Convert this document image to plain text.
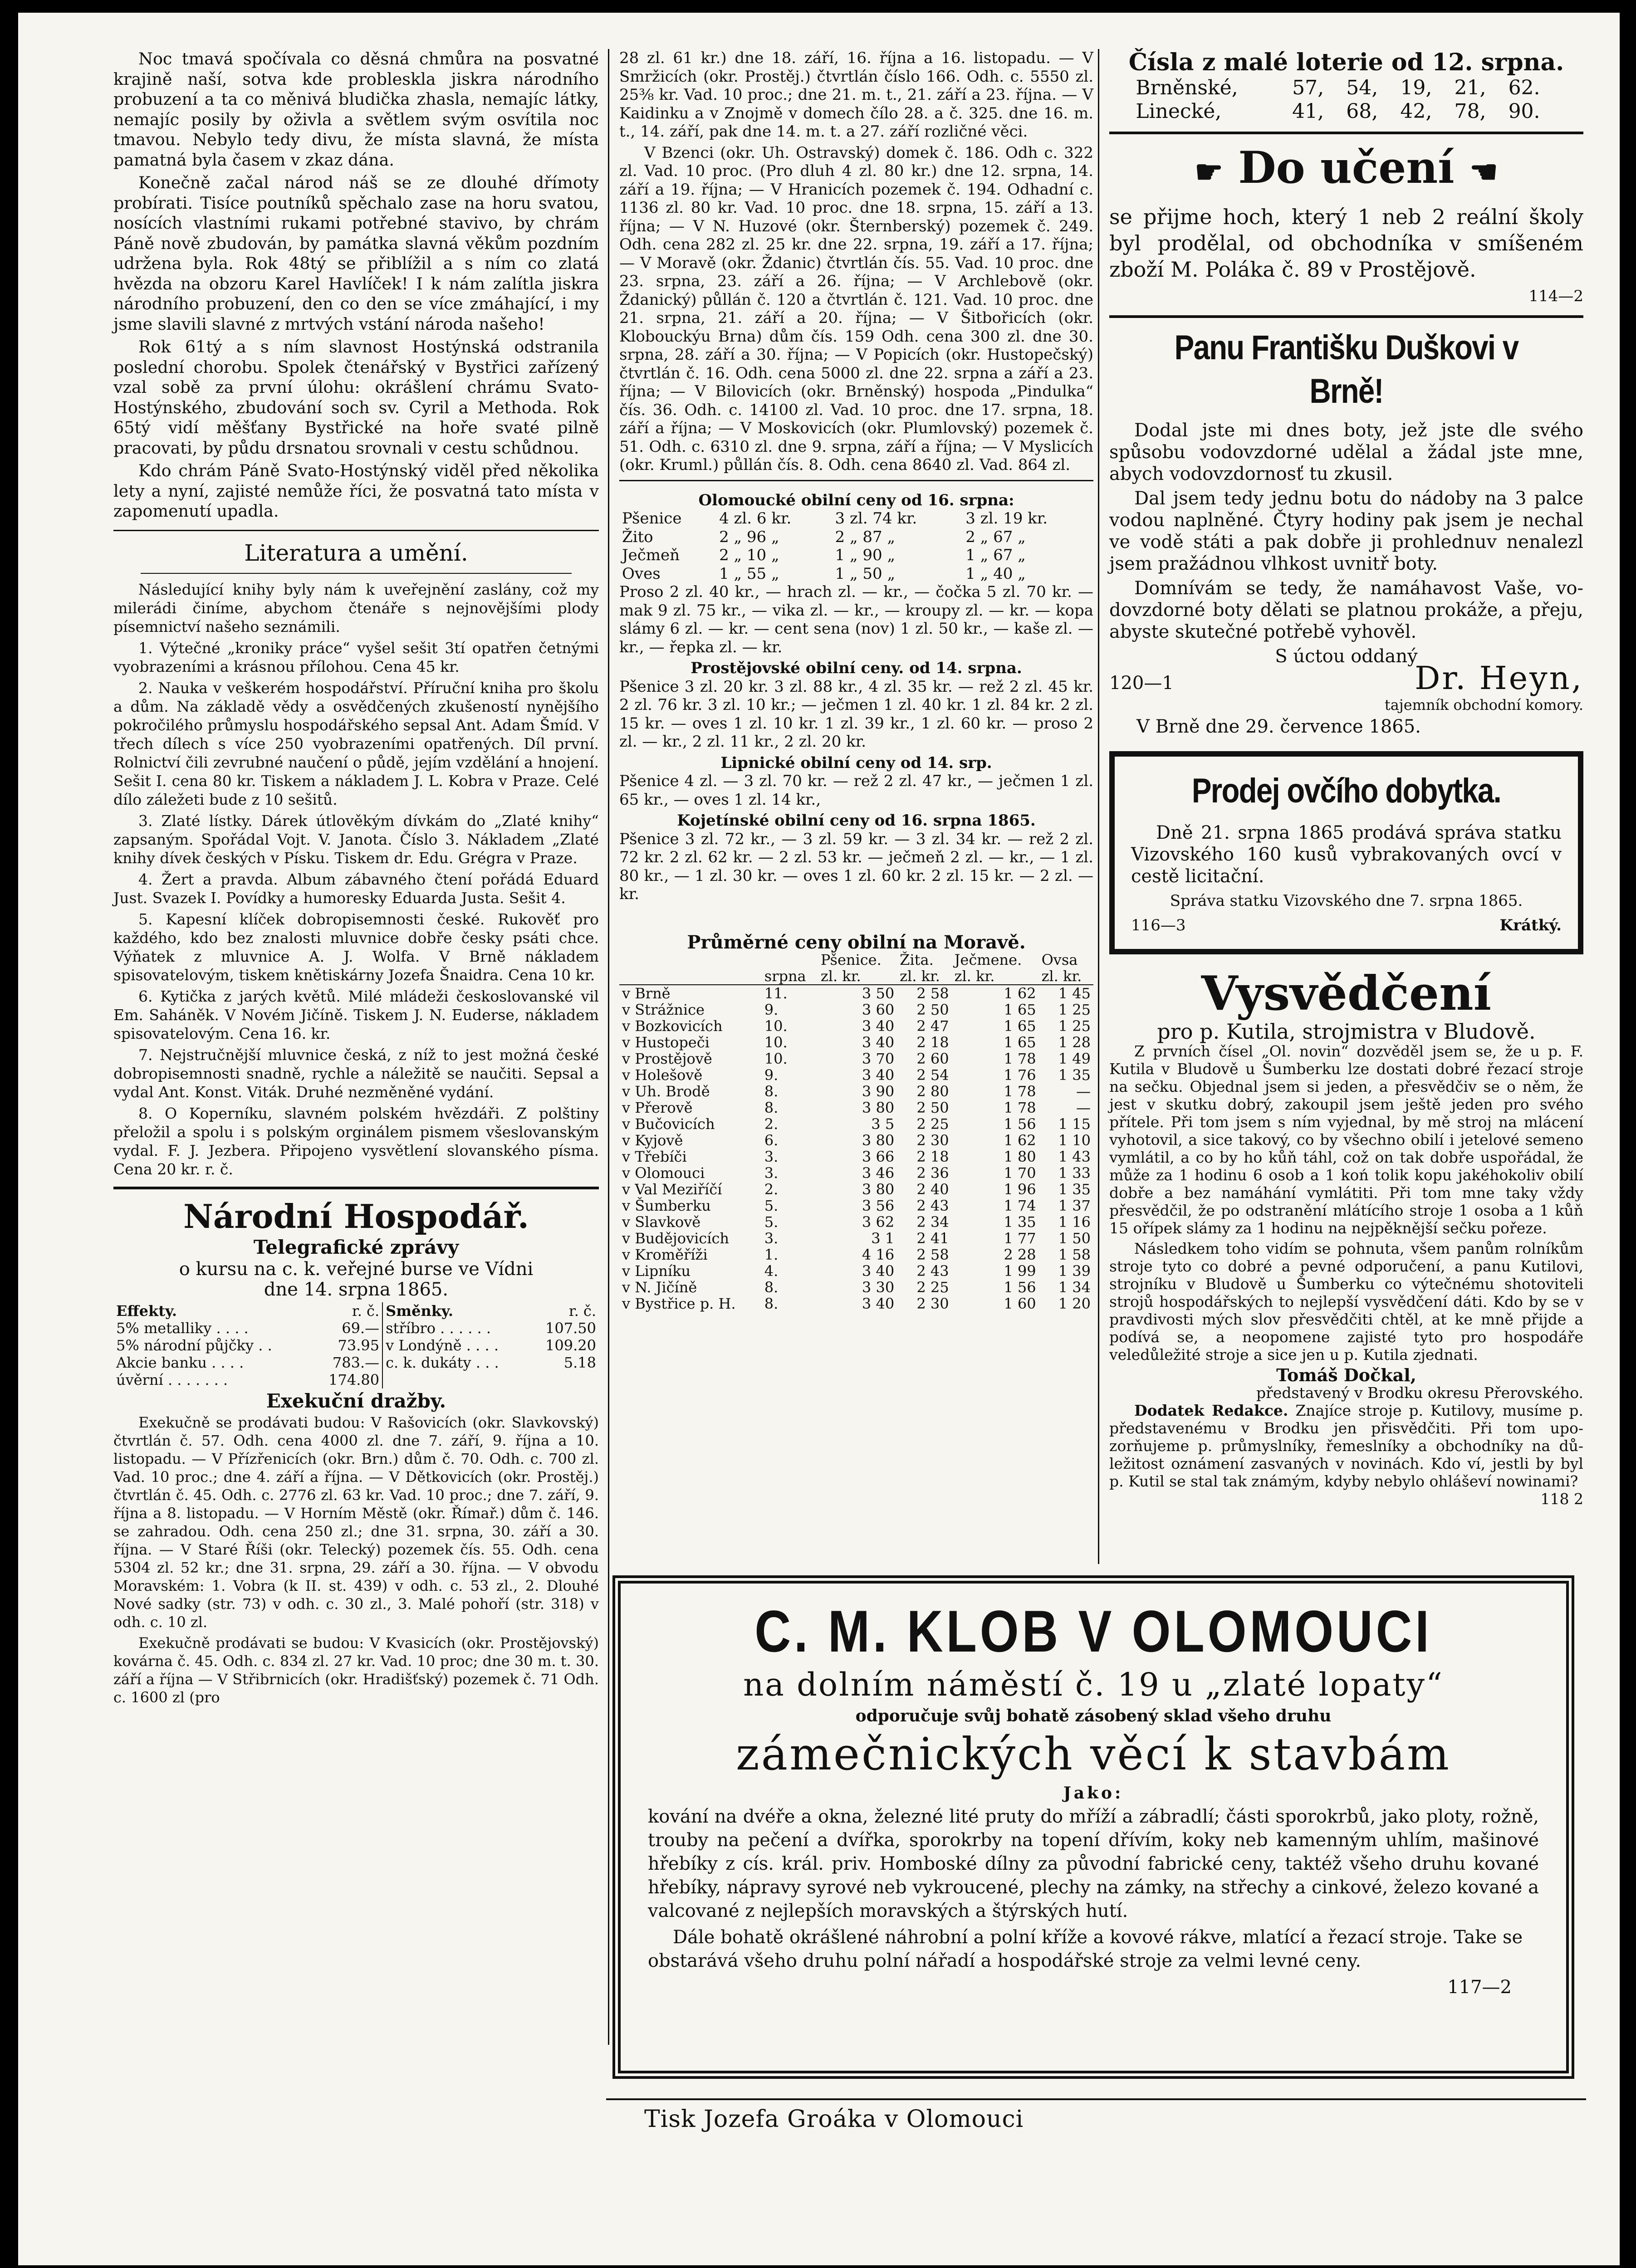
Noc tmavá spočívala co děsná chmůra na posvatné krajině naší, sotva kde probleskla jiskra národního probuzení a ta co měnivá bludička zhasla, nemajíc látky, nemajíc posily by oživla a světlem svým osvítila noc tmavou. Nebylo tedy divu, že místa slavná, že místa pamatná byla časem v zkaz dána.

Konečně začal národ náš se ze dlouhé dřímoty probírati. Tisíce poutníků spěchalo zase na horu svatou, nosících vlastními rukami potřebné stavivo, by chrám Páně nově zbudován, by památka slavná věkům pozdním udržena byla. Rok 48tý se přiblížil a s ním co zlatá hvězda na obzoru Karel Havlíček! I k nám zalítla jiskra národního probuzení, den co den se více zmáhající, i my jsme slavili slavné z mrtvých vstání národa našeho!

Rok 61tý a s ním slavnost Hostýnská odstranila poslední chorobu. Spolek čtenářský v Bystřici zařízený vzal sobě za první úlohu: okrášlení chrámu Svato-Hostýnského, zbudování soch sv. Cyril a Methoda. Rok 65tý vidí měšťany Bystřické na hoře svaté pilně pracovati, by půdu drsnatou srovnali v cestu schůdnou.

Kdo chrám Páně Svato-Hostýnský viděl před několika lety a nyní, zajisté nemůže říci, že posvatná tato místa v zapomenutí upadla.

Literatura a umění.

Následující knihy byly nám k uveřejnění zaslány, což my milerádi činíme, abychom čtenáře s nejnovějšími plody písemnictví našeho seznámili.

1. Výtečné „kroniky práce“ vyšel sešit 3tí opatřen četnými vyobrazeními a krásnou přílohou. Cena 45 kr.

2. Nauka v veškerém hospodářství. Příruční kniha pro školu a dům. Na základě vědy a osvědčených zkušeností nynějšího pokročilého průmyslu hospodářského sepsal Ant. Adam Šmíd. V třech dílech s více 250 vyobrazeními opatřených. Díl první. Rolnictví čili zevrubné naučení o půdě, jejím vzdělání a hnojení. Sešit I. cena 80 kr. Tiskem a nákladem J. L. Kobra v Praze. Celé dílo záležeti bude z 10 sešitů.

3. Zlaté lístky. Dárek útlověkým dívkám do „Zlaté knihy“ zapsaným. Spořádal Vojt. V. Janota. Číslo 3. Nákladem „Zlaté knihy dívek českých v Písku. Tiskem dr. Edu. Grégra v Praze.

4. Žert a pravda. Album zábavného čtení pořádá Eduard Just. Svazek I. Povídky a humoresky Eduarda Justa. Sešit 4.

5. Kapesní klíček dobropisemnosti české. Rukověť pro každého, kdo bez znalosti mluvnice dobře česky psáti chce. Výňatek z mluvnice A. J. Wolfa. V Brně nákladem spisovatelovým, tiskem knětiskárny Jozefa Šnaidra. Cena 10 kr.

6. Kytička z jarých květů. Milé mládeži českoslovanské vil Em. Saháněk. V Novém Jičíně. Tiskem J. N. Euderse, nákladem spisovatelovým. Cena 16. kr.

7. Nejstručnější mluvnice česká, z níž to jest možná české dobropisemnosti snadně, rychle a náležitě se naučiti. Sepsal a vydal Ant. Konst. Viták. Druhé nezměněné vydání.

8. O Koperníku, slavném polském hvězdáři. Z polštiny přeložil a spolu i s polským orginálem pismem všeslovanským vydal. F. J. Jezbera. Připojeno vysvětlení slovanského písma. Cena 20 kr. r. č.

Národní Hospodář.
Telegrafické zprávy
o kursu na c. k. veřejné burse ve Vídni
dne 14. srpna 1865.
Effekty.	r. č.	Směnky.	r. č.
5% metalliky . . . .	69.—	stříbro . . . . . .	107.50
5% národní půjčky . .	73.95	v Londýně . . . .	109.20
Akcie banku . . . .	783.—	c. k. dukáty . . .	5.18
úvěrní . . . . . . .	174.80		
Exekuční dražby.

Exekučně se prodávati budou: V Rašovicích (okr. Slavkovský) čtvrtlán č. 57. Odh. cena 4000 zl. dne 7. září, 9. října a 10. listopadu. — V Přízřenicích (okr. Brn.) dům č. 70. Odh. c. 700 zl. Vad. 10 proc.; dne 4. září a října. — V Dětkovicích (okr. Prostěj.) čtvrtlán č. 45. Odh. c. 2776 zl. 63 kr. Vad. 10 proc.; dne 7. září, 9. října a 8. listopadu. — V Horním Městě (okr. Římař.) dům č. 146. se zahradou. Odh. cena 250 zl.; dne 31. srpna, 30. září a 30. října. — V Staré Říši (okr. Telecký) pozemek čís. 55. Odh. cena 5304 zl. 52 kr.; dne 31. srpna, 29. září a 30. října. — V obvodu Moravském: 1. Vobra (k II. st. 439) v odh. c. 53 zl., 2. Dlouhé Nové sadky (str. 73) v odh. c. 30 zl., 3. Malé pohoří (str. 318) v odh. c. 10 zl.

Exekučně prodávati se budou: V Kvasicích (okr. Prostějovský) kovárna č. 45. Odh. c. 834 zl. 27 kr. Vad. 10 proc; dne 30 m. t. 30. září a října — V Střibrnicích (okr. Hradišťský) pozemek č. 71 Odh. c. 1600 zl (pro

28 zl. 61 kr.) dne 18. září, 16. října a 16. listopadu. — V Smržicích (okr. Prostěj.) čtvrtlán číslo 166. Odh. c. 5550 zl. 25⅜ kr. Vad. 10 proc.; dne 21. m. t., 21. září a 23. října. — V Kaidinku a v Znojmě v domech čílo 28. a č. 325. dne 16. m. t., 14. září, pak dne 14. m. t. a 27. září rozličné věci.

V Bzenci (okr. Uh. Ostravský) domek č. 186. Odh c. 322 zl. Vad. 10 proc. (Pro dluh 4 zl. 80 kr.) dne 12. srpna, 14. září a 19. října; — V Hranicích pozemek č. 194. Odhadní c. 1136 zl. 80 kr. Vad. 10 proc. dne 18. srpna, 15. září a 13. října; — V N. Huzové (okr. Šternberský) pozemek č. 249. Odh. cena 282 zl. 25 kr. dne 22. srpna, 19. září a 17. října; — V Moravě (okr. Ždanic) čtvrtlán čís. 55. Vad. 10 proc. dne 23. srpna, 23. září a 26. října; — V Archlebově (okr. Ždanický) půllán č. 120 a čtvrtlán č. 121. Vad. 10 proc. dne 21. srpna, 21. září a 20. října; — V Šitbořicích (okr. Klobouckýu Brna) dům čís. 159 Odh. cena 300 zl. dne 30. srpna, 28. září a 30. října; — V Popicích (okr. Hustopečský) čtvrtlán č. 16. Odh. cena 5000 zl. dne 22. srpna a září a 23. října; — V Bilovicích (okr. Brněnský) hospoda „Pindulka“ čís. 36. Odh. c. 14100 zl. Vad. 10 proc. dne 17. srpna, 18. září a října; — V Moskovicích (okr. Plumlovský) pozemek č. 51. Odh. c. 6310 zl. dne 9. srpna, září a října; — V Myslicích (okr. Kruml.) půllán čís. 8. Odh. cena 8640 zl. Vad. 864 zl.

Olomoucké obilní ceny od 16. srpna:
Pšenice	4 zl. 6 kr.	3 zl. 74 kr.	3 zl. 19 kr.
Žito	2 „ 96 „	2 „ 87 „	2 „ 67 „
Ječmeň	2 „ 10 „	1 „ 90 „	1 „ 67 „
Oves	1 „ 55 „	1 „ 50 „	1 „ 40 „

Proso 2 zl. 40 kr., — hrach zl. — kr., — čočka 5 zl. 70 kr. — mak 9 zl. 75 kr., — vika zl. — kr., — kroupy zl. — kr. — kopa slámy 6 zl. — kr. — cent sena (nov) 1 zl. 50 kr., — kaše zl. — kr., — řepka zl. — kr.

Prostějovské obilní ceny. od 14. srpna.

Pšenice 3 zl. 20 kr. 3 zl. 88 kr., 4 zl. 35 kr. — rež 2 zl. 45 kr. 2 zl. 76 kr. 3 zl. 10 kr.; — ječmen 1 zl. 40 kr. 1 zl. 84 kr. 2 zl. 15 kr. — oves 1 zl. 10 kr. 1 zl. 39 kr., 1 zl. 60 kr. — proso 2 zl. — kr., 2 zl. 11 kr., 2 zl. 20 kr.

Lipnické obilní ceny od 14. srp.

Pšenice 4 zl. — 3 zl. 70 kr. — rež 2 zl. 47 kr., — ječmen 1 zl. 65 kr., — oves 1 zl. 14 kr.,

Kojetínské obilní ceny od 16. srpna 1865.

Pšenice 3 zl. 72 kr., — 3 zl. 59 kr. — 3 zl. 34 kr. — rež 2 zl. 72 kr. 2 zl. 62 kr. — 2 zl. 53 kr. — ječmeň 2 zl. — kr., — 1 zl. 80 kr., — 1 zl. 30 kr. — oves 1 zl. 60 kr. 2 zl. 15 kr. — 2 zl. — kr.

Průměrné ceny obilní na Moravě.
		Pšenice.	Žita.	Ječmene.	Ovsa
	srpna	zl. kr.	zl. kr.	zl. kr.	zl. kr.
v Brně	11.	3 50	2 58	1 62	1 45
v Strážnice	9.	3 60	2 50	1 65	1 25
v Bozkovicích	10.	3 40	2 47	1 65	1 25
v Hustopeči	10.	3 40	2 18	1 65	1 28
v Prostějově	10.	3 70	2 60	1 78	1 49
v Holešově	9.	3 40	2 54	1 76	1 35
v Uh. Brodě	8.	3 90	2 80	1 78	—
v Přerově	8.	3 80	2 50	1 78	—
v Bučovicích	2.	3 5	2 25	1 56	1 15
v Kyjově	6.	3 80	2 30	1 62	1 10
v Třebíči	3.	3 66	2 18	1 80	1 43
v Olomouci	3.	3 46	2 36	1 70	1 33
v Val Meziříčí	2.	3 80	2 40	1 96	1 35
v Šumberku	5.	3 56	2 43	1 74	1 37
v Slavkově	5.	3 62	2 34	1 35	1 16
v Budějovicích	3.	3 1	2 41	1 77	1 50
v Kroměříži	1.	4 16	2 58	2 28	1 58
v Lipníku	4.	3 40	2 43	1 99	1 39
v N. Jičíně	8.	3 30	2 25	1 56	1 34
v Bystřice p. H.	8.	3 40	2 30	1 60	1 20
Čísla z malé loterie od 12. srpna.
Brněnské,	57,	54,	19,	21,	62.
Linecké,	41,	68,	42,	78,	90.
☛ Do učení ☚

se přijme hoch, který 1 neb 2 reální školy byl prodělal, od obchodníka v smíšeném zboží M. Poláka č. 89 v Prostějově.

114—2
Panu Františku Duškovi v Brně!

Dodal jste mi dnes boty, jež jste dle svého spůsobu vodovzdorné udělal a žádal jste mne, abych vodovzdornosť tu zkusil.

Dal jsem tedy jednu botu do nádoby na 3 palce vodou naplněné. Čtyry hodiny pak jsem je nechal ve vodě státi a pak dobře ji prohlednuv nenalezl jsem pražádnou vlhkost uvnitř boty.

Domnívám se tedy, že namáhavost Vaše, vodovzdorné boty dělati se platnou prokáže, a přeju, abyste skutečné potřebě vyhověl.

S úctou oddaný
120—1	Dr. Heyn,
tajemník obchodní komory.
V Brně dne 29. července 1865.
Prodej ovčího dobytka.

Dně 21. srpna 1865 prodává správa statku Vizovského 160 kusů vybrakovaných ovcí v cestě licitační.

Správa statku Vizovského dne 7. srpna 1865.

116—3	Krátký.
Vysvědčení
pro p. Kutila, strojmistra v Bludově.

Z prvních čísel „Ol. novin“ dozvěděl jsem se, že u p. F. Kutila v Bludově u Šumberku lze dostati dobré řezací stroje na sečku. Objednal jsem si jeden, a přesvědčiv se o něm, že jest v skutku dobrý, zakoupil jsem ještě jeden pro svého přítele. Při tom jsem s ním vyjednal, by mě stroj na mlácení vyhotovil, a sice takový, co by všechno obilí i jetelové semeno vymlátil, a co by ho kůň táhl, což on tak dobře uspořádal, že může za 1 hodinu 6 osob a 1 koń tolik kopu jakéhokoliv obilí dobře a bez namáhání vymlátiti. Při tom mne taky vždy přesvědčil, že po odstranění mlátícího stroje 1 osoba a 1 kůň 15 ořípek slámy za 1 hodinu na nejpěknější sečku pořeze.

Následkem toho vidím se pohnuta, všem panům rolníkům stroje tyto co dobré a pevné odporučení, a panu Kutilovi, strojníku v Bludově u Šumberku co výtečnému shotoviteli strojů hospodářských to nejlepší vysvědčení dáti. Kdo by se v pravdivosti mých slov přesvědčiti chtěl, at ke mně přijde a podívá se, a neopomene zajisté tyto pro hospodáře veledůležité stroje a sice jen u p. Kutila zjednati.

Tomáš Dočkal,
představený v Brodku okresu Přerovského.

Dodatek Redakce. Znajíce stroje p. Kutilovy, musíme p. představenému v Brodku jen přisvědčiti. Při tom upozorňujeme p. průmyslníky, řemeslníky a obchodníky na důležitost oznámení zasvaných v novinách. Kdo ví, jestli by byl p. Kutil se stal tak známým, kdyby nebylo ohláševí nowinami?
118 2

C. M. KLOB V OLOMOUCI
na dolním náměstí č. 19 u „zlaté lopaty“
odporučuje svůj bohatě zásobený sklad všeho druhu
zámečnických věcí k stavbám
Jako:

kování na dvéře a okna, železné lité pruty do mříží a zábradlí; části sporokrbů, jako ploty, rožně, trouby na pečení a dvířka, sporokrby na topení dřívím, koky neb kamenným uhlím, mašinové hřebíky z cís. král. priv. Homboské dílny za původní fabrické ceny, taktéž všeho druhu kované hřebíky, nápravy syrové neb vykroucené, plechy na zámky, na střechy a cinkové, železo kované a valcované z nejlepších moravských a štýrských hutí.

Dále bohatě okrášlené náhrobní a polní kříže a kovové rákve, mlatící a řezací stroje. Take se obstarává všeho druhu polní nářadí a hospodářské stroje za velmi levné ceny.

117—2
Tisk Jozefa Groáka v Olomouci
